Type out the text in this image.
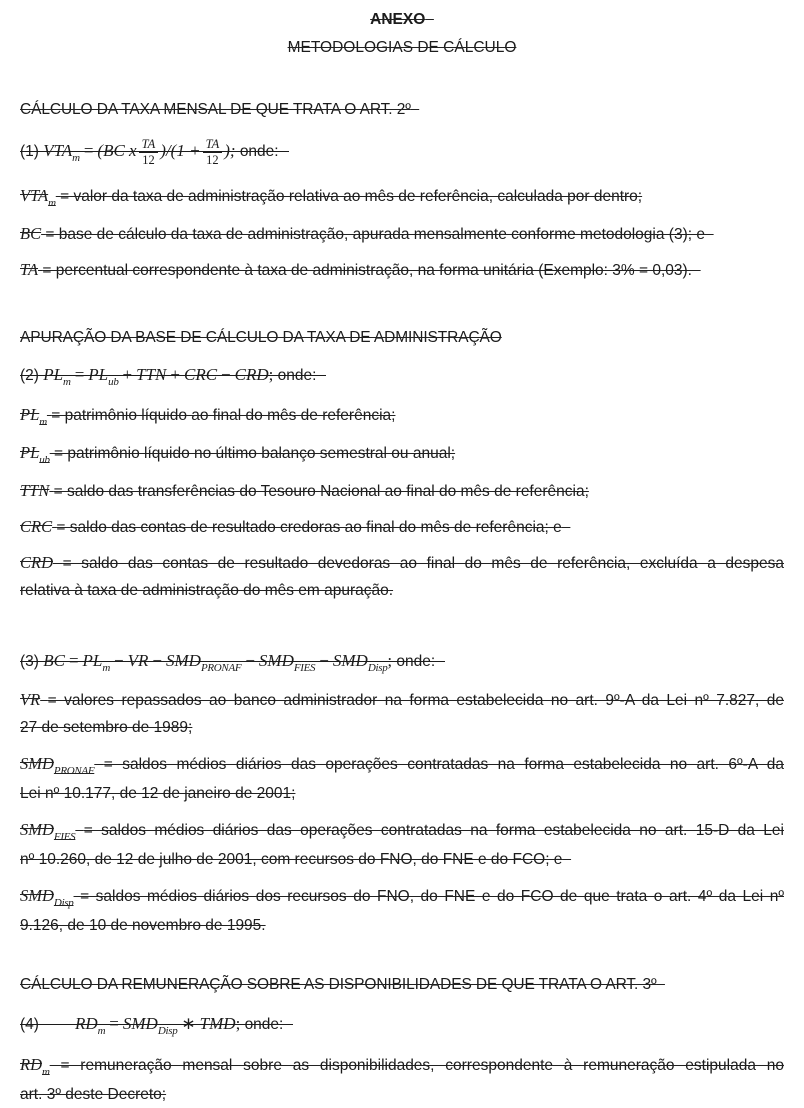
ANEXO

METODOLOGIAS DE CÁLCULO

CÁLCULO DA TAXA MENSAL DE QUE TRATA O ART. 2º

(1) $VTA_m = (BC$ x $\frac{TA}{12} )/(1 + \frac{TA}{12}$ ); onde:

$VTA_m$ = valor da taxa de administração relativa ao mês de referência, calculada por dentro;

BC = base de cálculo da taxa de administração, apurada mensalmente conforme metodologia (3); e

TA = percentual correspondente à taxa de administração, na forma unitária (Exemplo: 3% = 0,03).

APURAÇÃO DA BASE DE CÁLCULO DA TAXA DE ADMINISTRAÇÃO

(2) $PL_m = PL_{ub}$ + TTN + CRC − CRD; onde:

$PL_m$ = patrimônio líquido ao final do mês de referência;

$PL_{ub}$ = patrimônio líquido no último balanço semestral ou anual;

TTN = saldo das transferências do Tesouro Nacional ao final do mês de referência;

CRC = saldo das contas de resultado credoras ao final do mês de referência; e

CRD = saldo das contas de resultado devedoras ao final do mês de referência, excluída a despesa
relativa à taxa de administração do mês em apuração.
(3) BC = $PL_m$ − VR − $SMD_{PRONAF} - SMD_{FIES} - SMD_{Disp}$; onde:
VR = valores repassados ao banco administrador na forma estabelecida no art. 9º-A da Lei nº 7.827, de
27 de setembro de 1989;
$SMD_{PRONAF}$ = saldos médios diários das operações contratadas na forma estabelecida no art. 6º-A da
Lei nº 10.177, de 12 de janeiro de 2001;
$SMD_{FIES}$ = saldos médios diários das operações contratadas na forma estabelecida no art. 15-D da Lei
nº 10.260, de 12 de julho de 2001, com recursos do FNO, do FNE e do FCO; e
$SMD_{Disp}$ = saldos médios diários dos recursos do FNO, do FNE e do FCO de que trata o art. 4º da Lei nº
9.126, de 10 de novembro de 1995.

CÁLCULO DA REMUNERAÇÃO SOBRE AS DISPONIBILIDADES DE QUE TRATA O ART. 3º

(4) $RD_m = SMD_{Disp}$ ∗ TMD; onde:
$RD_m$ = remuneração mensal sobre as disponibilidades, correspondente à remuneração estipulada no
art. 3º deste Decreto;
